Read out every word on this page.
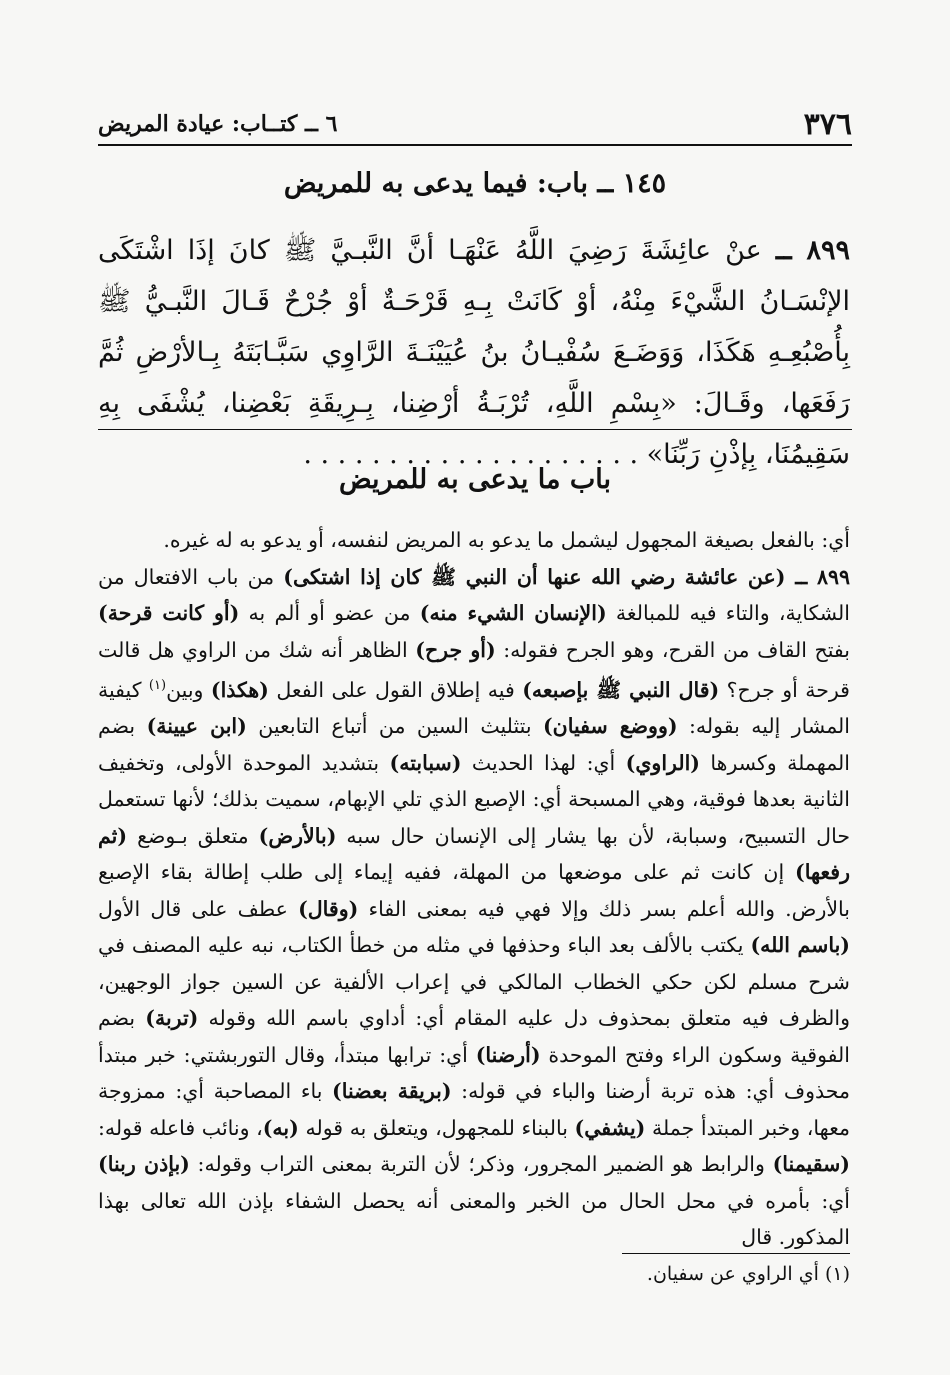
٣٧٦
٦ ــ كتــاب: عيادة المريض
١٤٥ ــ باب: فيما يدعى به للمريض
٨٩٩ ــ عنْ عائِشَةَ رَضِيَ اللَّهُ عَنْهَـا أنَّ النَّبـيَّ ﷺ كانَ إذَا اشْتَكَى الإنْسَـانُ الشَّيْءَ مِنْهُ، أوْ كَانَتْ بِـهِ قَرْحَـةٌ أوْ جُرْحٌ قَـالَ النَّبـيُّ ﷺ بِأُصْبُعِـهِ هَكَذَا، وَوَضَـعَ سُفْيـانُ بنُ عُيَيْنَـةَ الرَّاوِي سَبَّـابَتَهُ بِـالأرْضِ ثُمَّ رَفَعَها، وقَـالَ: «بِسْمِ اللَّهِ، تُرْبَـةُ أرْضِنا، بِـرِيقَةِ بَعْضِنا، يُشْفَى بِهِ سَقِيمُنَا، بِإذْنِ رَبِّنَا» . . . . . . . . . . . . . . . . . . . .
باب ما يدعى به للمريض

أي: بالفعل بصيغة المجهول ليشمل ما يدعو به المريض لنفسه، أو يدعو به له غيره.

٨٩٩ ــ (عن عائشة رضي الله عنها أن النبي ﷺ كان إذا اشتكى) من باب الافتعال من الشكاية، والتاء فيه للمبالغة (الإنسان الشيء منه) من عضو أو ألم به (أو كانت قرحة) بفتح القاف من القرح، وهو الجرح فقوله: (أو جرح) الظاهر أنه شك من الراوي هل قالت قرحة أو جرح؟ (قال النبي ﷺ بإصبعه) فيه إطلاق القول على الفعل (هكذا) وبين$^{(١)}$ كيفية المشار إليه بقوله: (ووضع سفيان) بتثليث السين من أتباع التابعين (ابن عيينة) بضم المهملة وكسرها (الراوي) أي: لهذا الحديث (سبابته) بتشديد الموحدة الأولى، وتخفيف الثانية بعدها فوقية، وهي المسبحة أي: الإصبع الذي تلي الإبهام، سميت بذلك؛ لأنها تستعمل حال التسبيح، وسبابة، لأن بها يشار إلى الإنسان حال سبه (بالأرض) متعلق بـوضع (ثم رفعها) إن كانت ثم على موضعها من المهلة، ففيه إيماء إلى طلب إطالة بقاء الإصبع بالأرض. والله أعلم بسر ذلك وإلا فهي فيه بمعنى الفاء (وقال) عطف على قال الأول (باسم الله) يكتب بالألف بعد الباء وحذفها في مثله من خطأ الكتاب، نبه عليه المصنف في شرح مسلم لكن حكي الخطاب المالكي في إعراب الألفية عن السين جواز الوجهين، والظرف فيه متعلق بمحذوف دل عليه المقام أي: أداوي باسم الله وقوله (تربة) بضم الفوقية وسكون الراء وفتح الموحدة (أرضنا) أي: ترابها مبتدأ، وقال التوربشتي: خبر مبتدأ محذوف أي: هذه تربة أرضنا والباء في قوله: (بريقة بعضنا) باء المصاحبة أي: ممزوجة معها، وخبر المبتدأ جملة (يشفي) بالبناء للمجهول، ويتعلق به قوله (به)، ونائب فاعله قوله: (سقيمنا) والرابط هو الضمير المجرور، وذكر؛ لأن التربة بمعنى التراب وقوله: (بإذن ربنا) أي: بأمره في محل الحال من الخبر والمعنى أنه يحصل الشفاء بإذن الله تعالى بهذا المذكور. قال

(١) أي الراوي عن سفيان.
